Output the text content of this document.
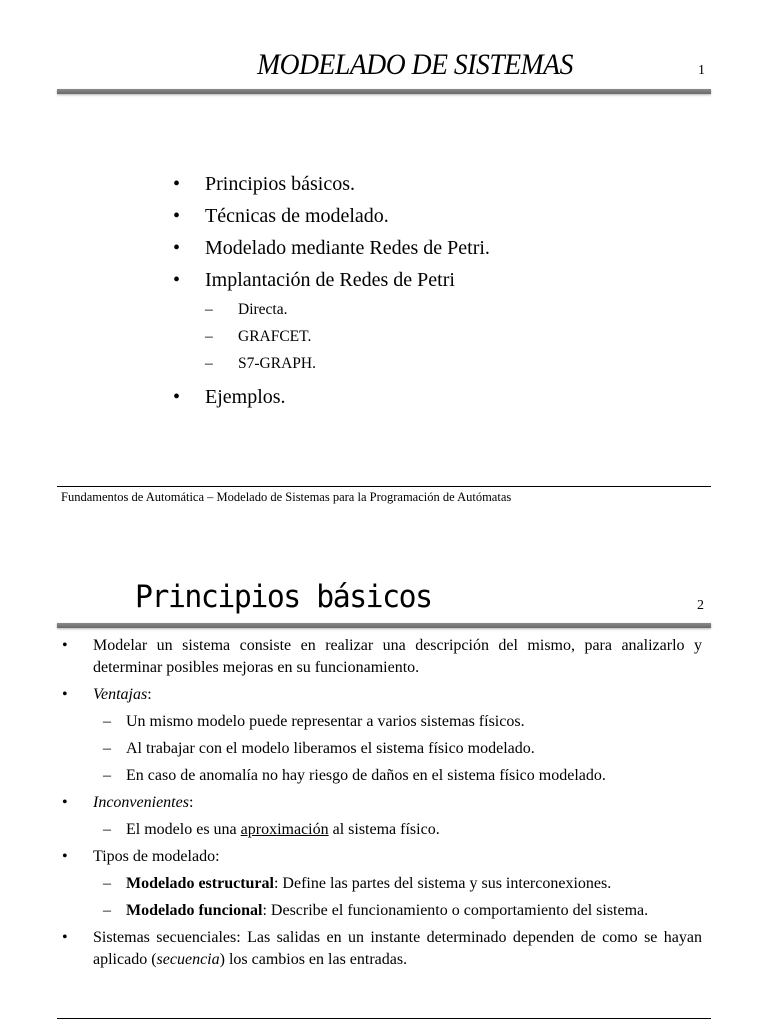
MODELADO DE SISTEMAS	1
•	Principios básicos.
•	Técnicas de modelado.
•	Modelado mediante Redes de Petri.
•	Implantación de Redes de Petri
–	Directa.
–	GRAFCET.
–	S7-GRAPH.
•	Ejemplos.
Fundamentos de Automática – Modelado de Sistemas para la Programación de Autómatas
Principios básicos	2
•	Modelar un sistema consiste en realizar una descripción del mismo, para analizarlo y determinar posibles mejoras en su funcionamiento.
•	Ventajas:
– Un mismo modelo puede representar a varios sistemas físicos.
– Al trabajar con el modelo liberamos el sistema físico modelado.
– En caso de anomalía no hay riesgo de daños en el sistema físico modelado.
•	Inconvenientes:
– El modelo es una aproximación al sistema físico.
•	Tipos de modelado:
– Modelado estructural: Define las partes del sistema y sus interconexiones.
– Modelado funcional: Describe el funcionamiento o comportamiento del sistema.
•	Sistemas secuenciales: Las salidas en un instante determinado dependen de como se hayan aplicado (secuencia) los cambios en las entradas.
